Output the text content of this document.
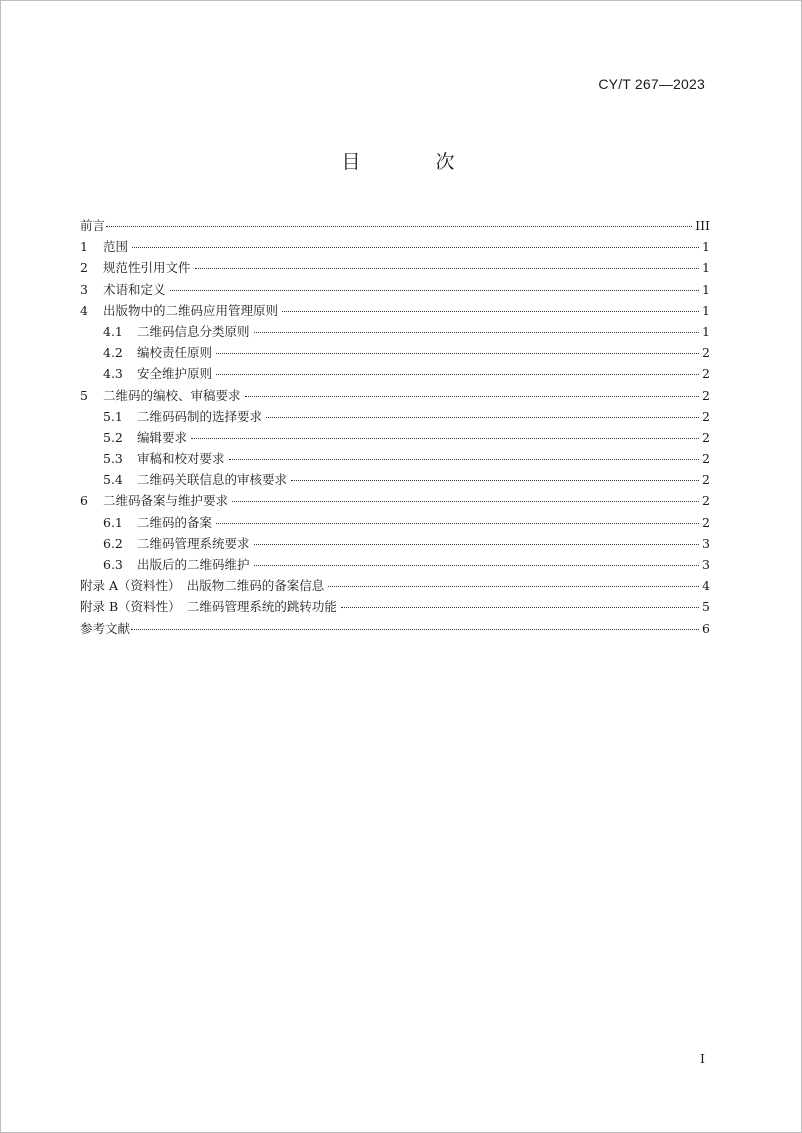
CY/T 267—2023
目　次
前言	III
1	范围	1
2	规范性引用文件	1
3	术语和定义	1
4	出版物中的二维码应用管理原则	1
4.1	二维码信息分类原则	1
4.2	编校责任原则	2
4.3	安全维护原则	2
5	二维码的编校、审稿要求	2
5.1	二维码码制的选择要求	2
5.2	编辑要求	2
5.3	审稿和校对要求	2
5.4	二维码关联信息的审核要求	2
6	二维码备案与维护要求	2
6.1	二维码的备案	2
6.2	二维码管理系统要求	3
6.3	出版后的二维码维护	3
附录 A（资料性）　出版物二维码的备案信息	4
附录 B（资料性）　二维码管理系统的跳转功能	5
参考文献	6
I
